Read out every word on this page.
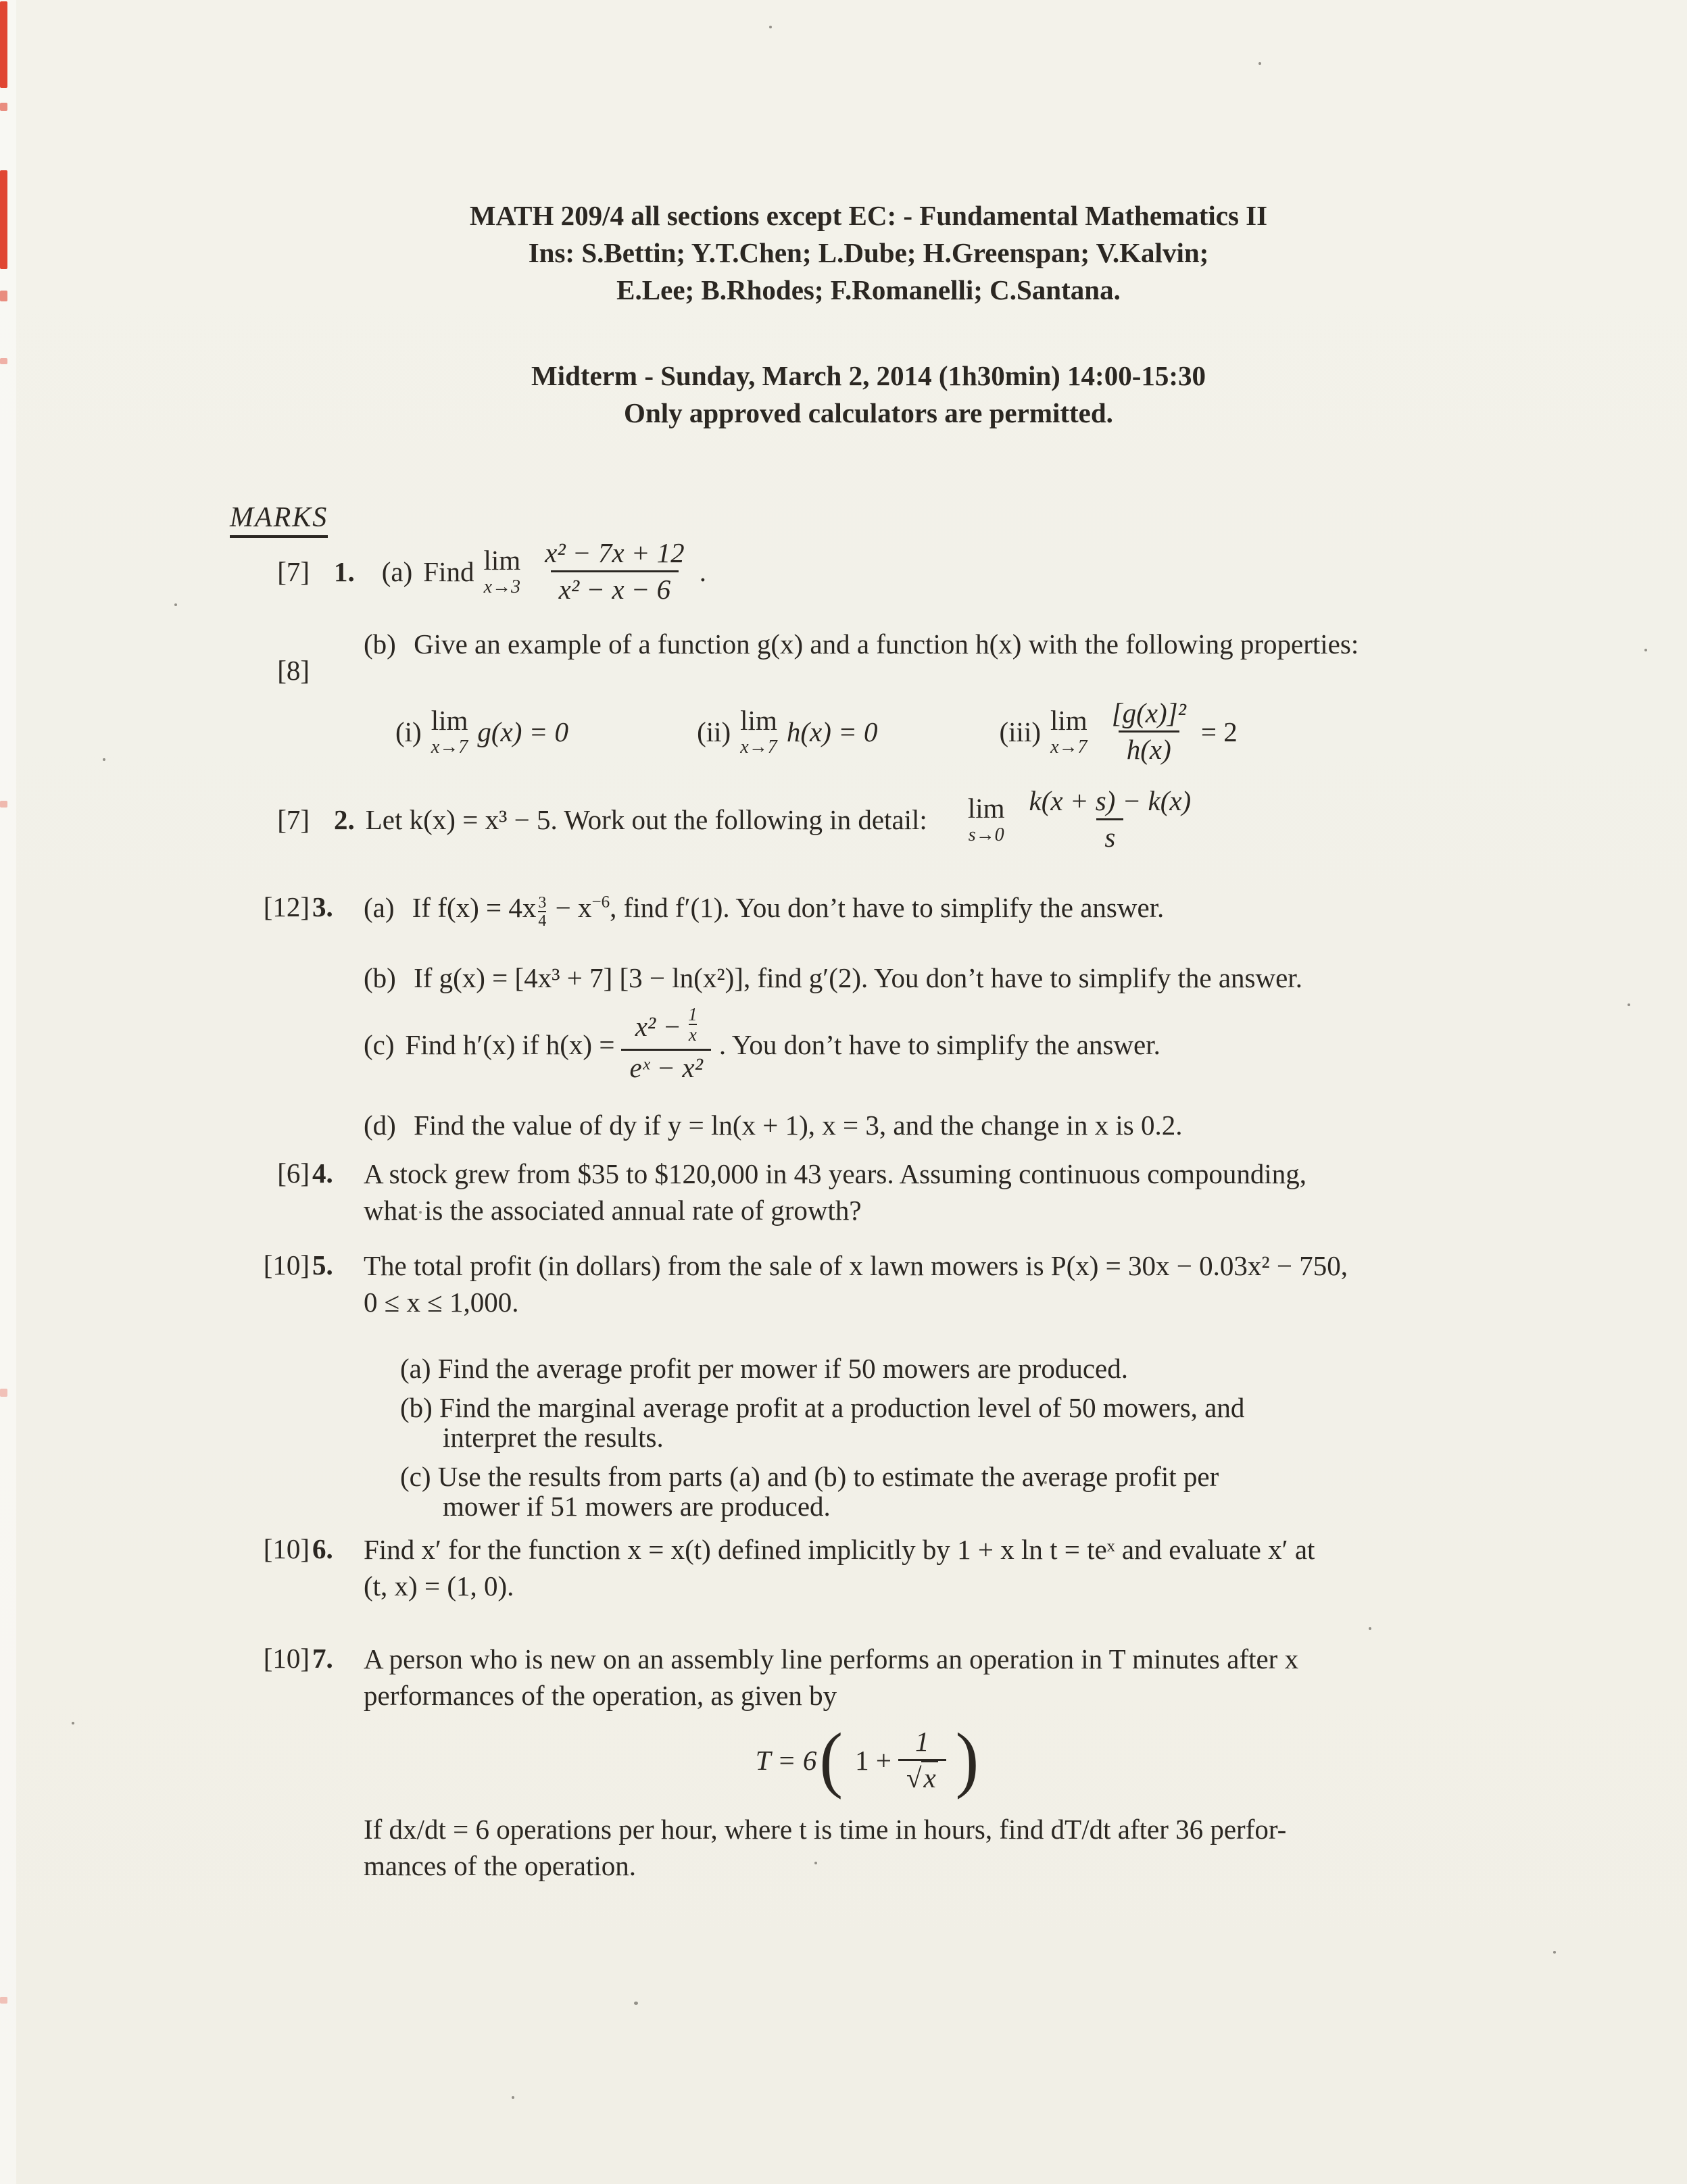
MATH 209/4 all sections except EC: - Fundamental Mathematics II
Ins: S.Bettin; Y.T.Chen; L.Dube; H.Greenspan; V.Kalvin;
E.Lee; B.Rhodes; F.Romanelli; C.Santana.
Midterm - Sunday, March 2, 2014 (1h30min) 14:00-15:30
Only approved calculators are permitted.
MARKS
[7] 1. (a) Find lim
$x\to 3 \frac{\text{x² − 7x + 12}}{\text{x² − x − 6}}$ .
[8]
(b) Give an example of a function g(x) and a function h(x) with the following properties:
(i) lim
x→7 g(x) = 0	(ii) lim
x→7 h(x) = 0	(iii) lim
$x\to 7 \frac{\text{[g(x)]²}}{h(x)} = 2$
[7] 2. Let k(x) = x³ − 5. Work out the following in detail: lim
$s\to 0 \frac{k(x + s) - k(x)}{s}$
[12] 3. (a) If $f(x) = 4x \frac{3}{4} - x^{-6}$, find f′(1). You don’t have to simplify the answer.
(b) If g(x) = [4x³ + 7] [3 − ln(x²)], find g′(2). You don’t have to simplify the answer.
(c) Find h′(x) if $h(x) = \frac{x^2 - \frac{1}{x}}{\text{eˣ − x²}}$ . You don’t have to simplify the answer.
(d) Find the value of dy if y = ln(x + 1), x = 3, and the change in x is 0.2.
[6] 4. A stock grew from $35 to $120,000 in 43 years. Assuming continuous compounding,
what is the associated annual rate of growth?
[10] 5. The total profit (in dollars) from the sale of x lawn mowers is P(x) = 30x − 0.03x² − 750,
0 ≤ x ≤ 1,000.
(a) Find the average profit per mower if 50 mowers are produced.
(b) Find the marginal average profit at a production level of 50 mowers, and
interpret the results.
(c) Use the results from parts (a) and (b) to estimate the average profit per
mower if 51 mowers are produced.
[10] 6. Find x′ for the function x = x(t) defined implicitly by 1 + x ln t = teˣ and evaluate x′ at
(t, x) = (1, 0).
[10] 7. A person who is new on an assembly line performs an operation in T minutes after x
performances of the operation, as given by
T = 6 ( $1 + \frac{1}{√x}$ )
If dx/dt = 6 operations per hour, where t is time in hours, find dT/dt after 36 perfor-
mances of the operation.
